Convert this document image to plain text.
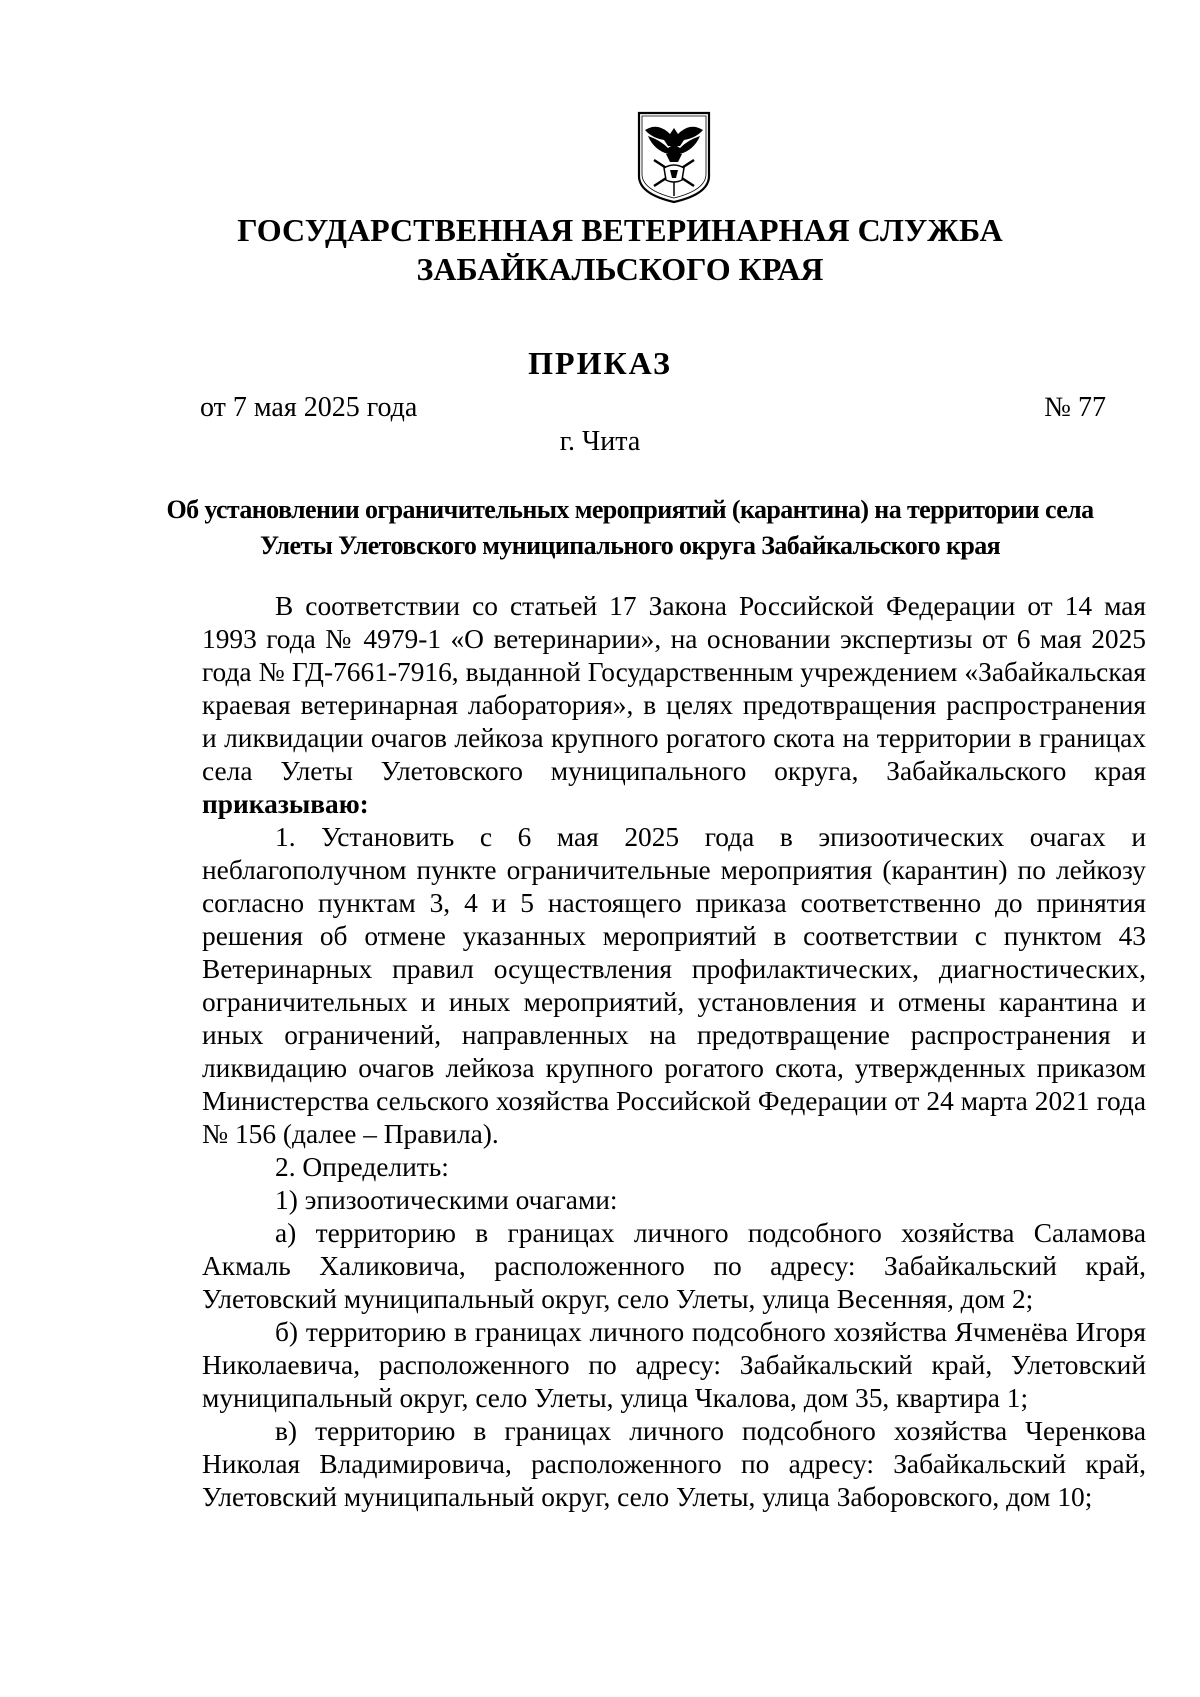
ГОСУДАРСТВЕННАЯ ВЕТЕРИНАРНАЯ СЛУЖБА
ЗАБАЙКАЛЬСКОГО КРАЯ
ПРИКАЗ
от 7 мая 2025 года	№ 77
г. Чита
Об установлении ограничительных мероприятий (карантина) на территории села
Улеты Улетовского муниципального округа Забайкальского края

В соответствии со статьей 17 Закона Российской Федерации от 14 мая 1993 года № 4979-1 «О ветеринарии», на основании экспертизы от 6 мая 2025 года № ГД-7661-7916, выданной Государственным учреждением «Забайкальская краевая ветеринарная лаборатория», в целях предотвращения распространения и ликвидации очагов лейкоза крупного рогатого скота на территории в границах села Улеты Улетовского муниципального округа, Забайкальского края приказываю:

1. Установить с 6 мая 2025 года в эпизоотических очагах и неблагополучном пункте ограничительные мероприятия (карантин) по лейкозу согласно пунктам 3, 4 и 5 настоящего приказа соответственно до принятия решения об отмене указанных мероприятий в соответствии с пунктом 43 Ветеринарных правил осуществления профилактических, диагностических, ограничительных и иных мероприятий, установления и отмены карантина и иных ограничений, направленных на предотвращение распространения и ликвидацию очагов лейкоза крупного рогатого скота, утвержденных приказом Министерства сельского хозяйства Российской Федерации от 24 марта 2021 года № 156 (далее – Правила).

2. Определить:

1) эпизоотическими очагами:

а) территорию в границах личного подсобного хозяйства Саламова Акмаль Халиковича, расположенного по адресу: Забайкальский край, Улетовский муниципальный округ, село Улеты, улица Весенняя, дом 2;

б) территорию в границах личного подсобного хозяйства Ячменёва Игоря Николаевича, расположенного по адресу: Забайкальский край, Улетовский муниципальный округ, село Улеты, улица Чкалова, дом 35, квартира 1;

в) территорию в границах личного подсобного хозяйства Черенкова Николая Владимировича, расположенного по адресу: Забайкальский край, Улетовский муниципальный округ, село Улеты, улица Заборовского, дом 10;
